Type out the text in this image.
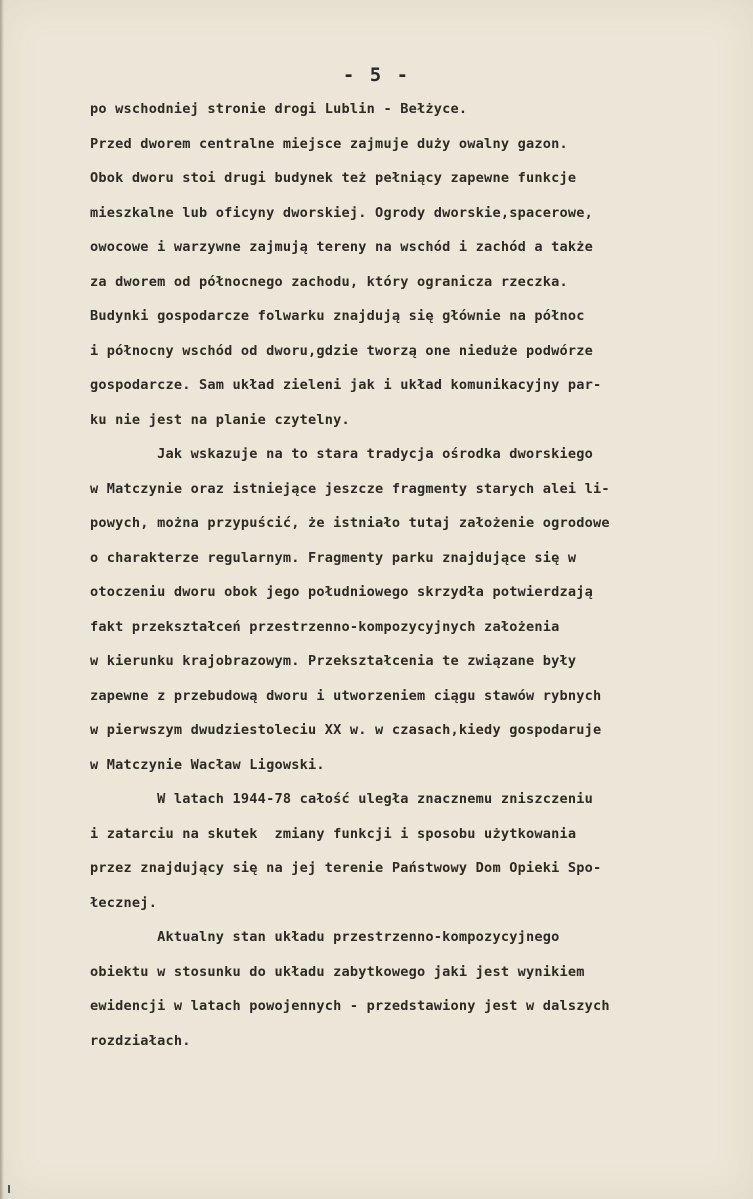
- 5 -
po wschodniej stronie drogi Lublin - Bełżyce.
Przed dworem centralne miejsce zajmuje duży owalny gazon.
Obok dworu stoi drugi budynek też pełniący zapewne funkcje
mieszkalne lub oficyny dworskiej. Ogrody dworskie,spacerowe,
owocowe i warzywne zajmują tereny na wschód i zachód a także
za dworem od północnego zachodu, który ogranicza rzeczka.
Budynki gospodarcze folwarku znajdują się głównie na północ
i północny wschód od dworu,gdzie tworzą one nieduże podwórze
gospodarcze. Sam układ zieleni jak i układ komunikacyjny par-
ku nie jest na planie czytelny.
Jak wskazuje na to stara tradycja ośrodka dworskiego
w Matczynie oraz istniejące jeszcze fragmenty starych alei li-
powych, można przypuścić, że istniało tutaj założenie ogrodowe
o charakterze regularnym. Fragmenty parku znajdujące się w
otoczeniu dworu obok jego południowego skrzydła potwierdzają
fakt przekształceń przestrzenno-kompozycyjnych założenia
w kierunku krajobrazowym. Przekształcenia te związane były
zapewne z przebudową dworu i utworzeniem ciągu stawów rybnych
w pierwszym dwudziestoleciu XX w. w czasach,kiedy gospodaruje
w Matczynie Wacław Ligowski.
W latach 1944-78 całość uległa znacznemu zniszczeniu
i zatarciu na skutek  zmiany funkcji i sposobu użytkowania
przez znajdujący się na jej terenie Państwowy Dom Opieki Spo-
łecznej.
Aktualny stan układu przestrzenno-kompozycyjnego
obiektu w stosunku do układu zabytkowego jaki jest wynikiem
ewidencji w latach powojennych - przedstawiony jest w dalszych
rozdziałach.
